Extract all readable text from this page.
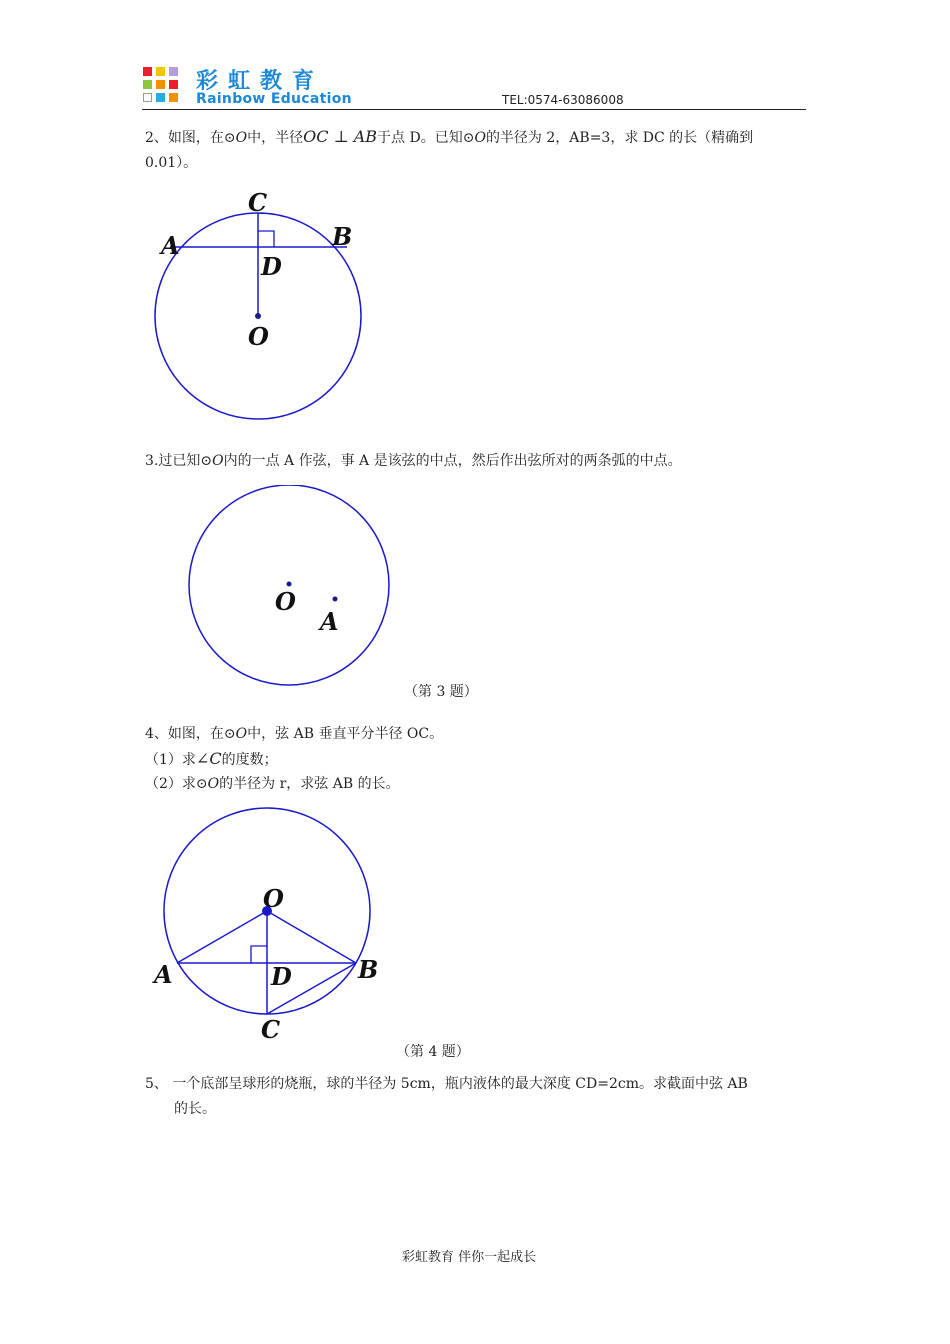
彩虹教育
Rainbow Education	TEL:0574-63086008
2、如图，在⊙O中，半径OC ⊥ AB于点 D。已知⊙O的半径为 2，AB=3，求 DC 的长（精确到
0.01）。
C
A	B
D
O
3.过已知⊙O内的一点 A 作弦，事 A 是该弦的中点，然后作出弦所对的两条弧的中点。
O
A
（第 3 题）
4、如图，在⊙O中，弦 AB 垂直平分半径 OC。
（1）求∠C的度数；
（2）求⊙O的半径为 r，求弦 AB 的长。
O
A	B
D
C
（第 4 题）
5、 一个底部呈球形的烧瓶，球的半径为 5cm，瓶内液体的最大深度 CD=2cm。求截面中弦 AB
的长。
彩虹教育 伴你一起成长
